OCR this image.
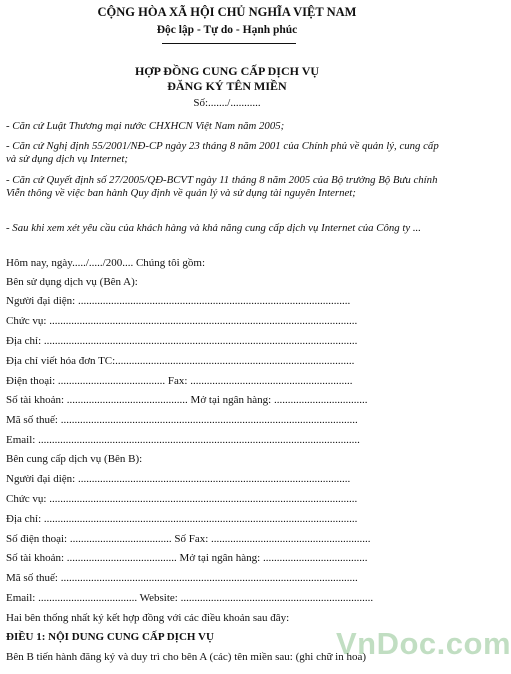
CỘNG HÒA XÃ HỘI CHỦ NGHĨA VIỆT NAM
Độc lập - Tự do - Hạnh phúc
HỢP ĐỒNG CUNG CẤP DỊCH VỤ
ĐĂNG KÝ TÊN MIỀN
Số:......./...........
- Căn cứ Luật Thương mại nước CHXHCN Việt Nam năm 2005;
- Căn cứ Nghị định 55/2001/NĐ-CP ngày 23 tháng 8 năm 2001 của Chính phủ về quản lý, cung cấp và sử dụng dịch vụ Internet;
- Căn cứ Quyết định số 27/2005/QĐ-BCVT ngày 11 tháng 8 năm 2005 của Bộ trưởng Bộ Bưu chính Viễn thông về việc ban hành Quy định về quản lý và sử dụng tài nguyên Internet;
- Sau khi xem xét yêu cầu của khách hàng và khả năng cung cấp dịch vụ Internet của Công ty ...
Hôm nay, ngày...../...../200.... Chúng tôi gồm:
Bên sử dụng dịch vụ (Bên A):
Người đại diện: ...................................................................................................
Chức vụ: ................................................................................................................
Địa chỉ: ..................................................................................................................
Địa chỉ viết hóa đơn TC:.......................................................................................
Điện thoại: ....................................... Fax: ...........................................................
Số tài khoản: ............................................ Mở tại ngân hàng: ..................................
Mã số thuế: ............................................................................................................
Email: .....................................................................................................................
Bên cung cấp dịch vụ (Bên B):
Người đại diện: ...................................................................................................
Chức vụ: ................................................................................................................
Địa chỉ: ..................................................................................................................
Số điện thoại: ..................................... Số Fax: ..........................................................
Số tài khoản: ........................................ Mở tại ngân hàng: ......................................
Mã số thuế: ............................................................................................................
Email: .................................... Website: ......................................................................
Hai bên thống nhất ký kết hợp đồng với các điều khoản sau đây:
ĐIỀU 1: NỘI DUNG CUNG CẤP DỊCH VỤ
Bên B tiến hành đăng ký và duy trì cho bên A (các) tên miền sau: (ghi chữ in hoa)
VnDoc.com
